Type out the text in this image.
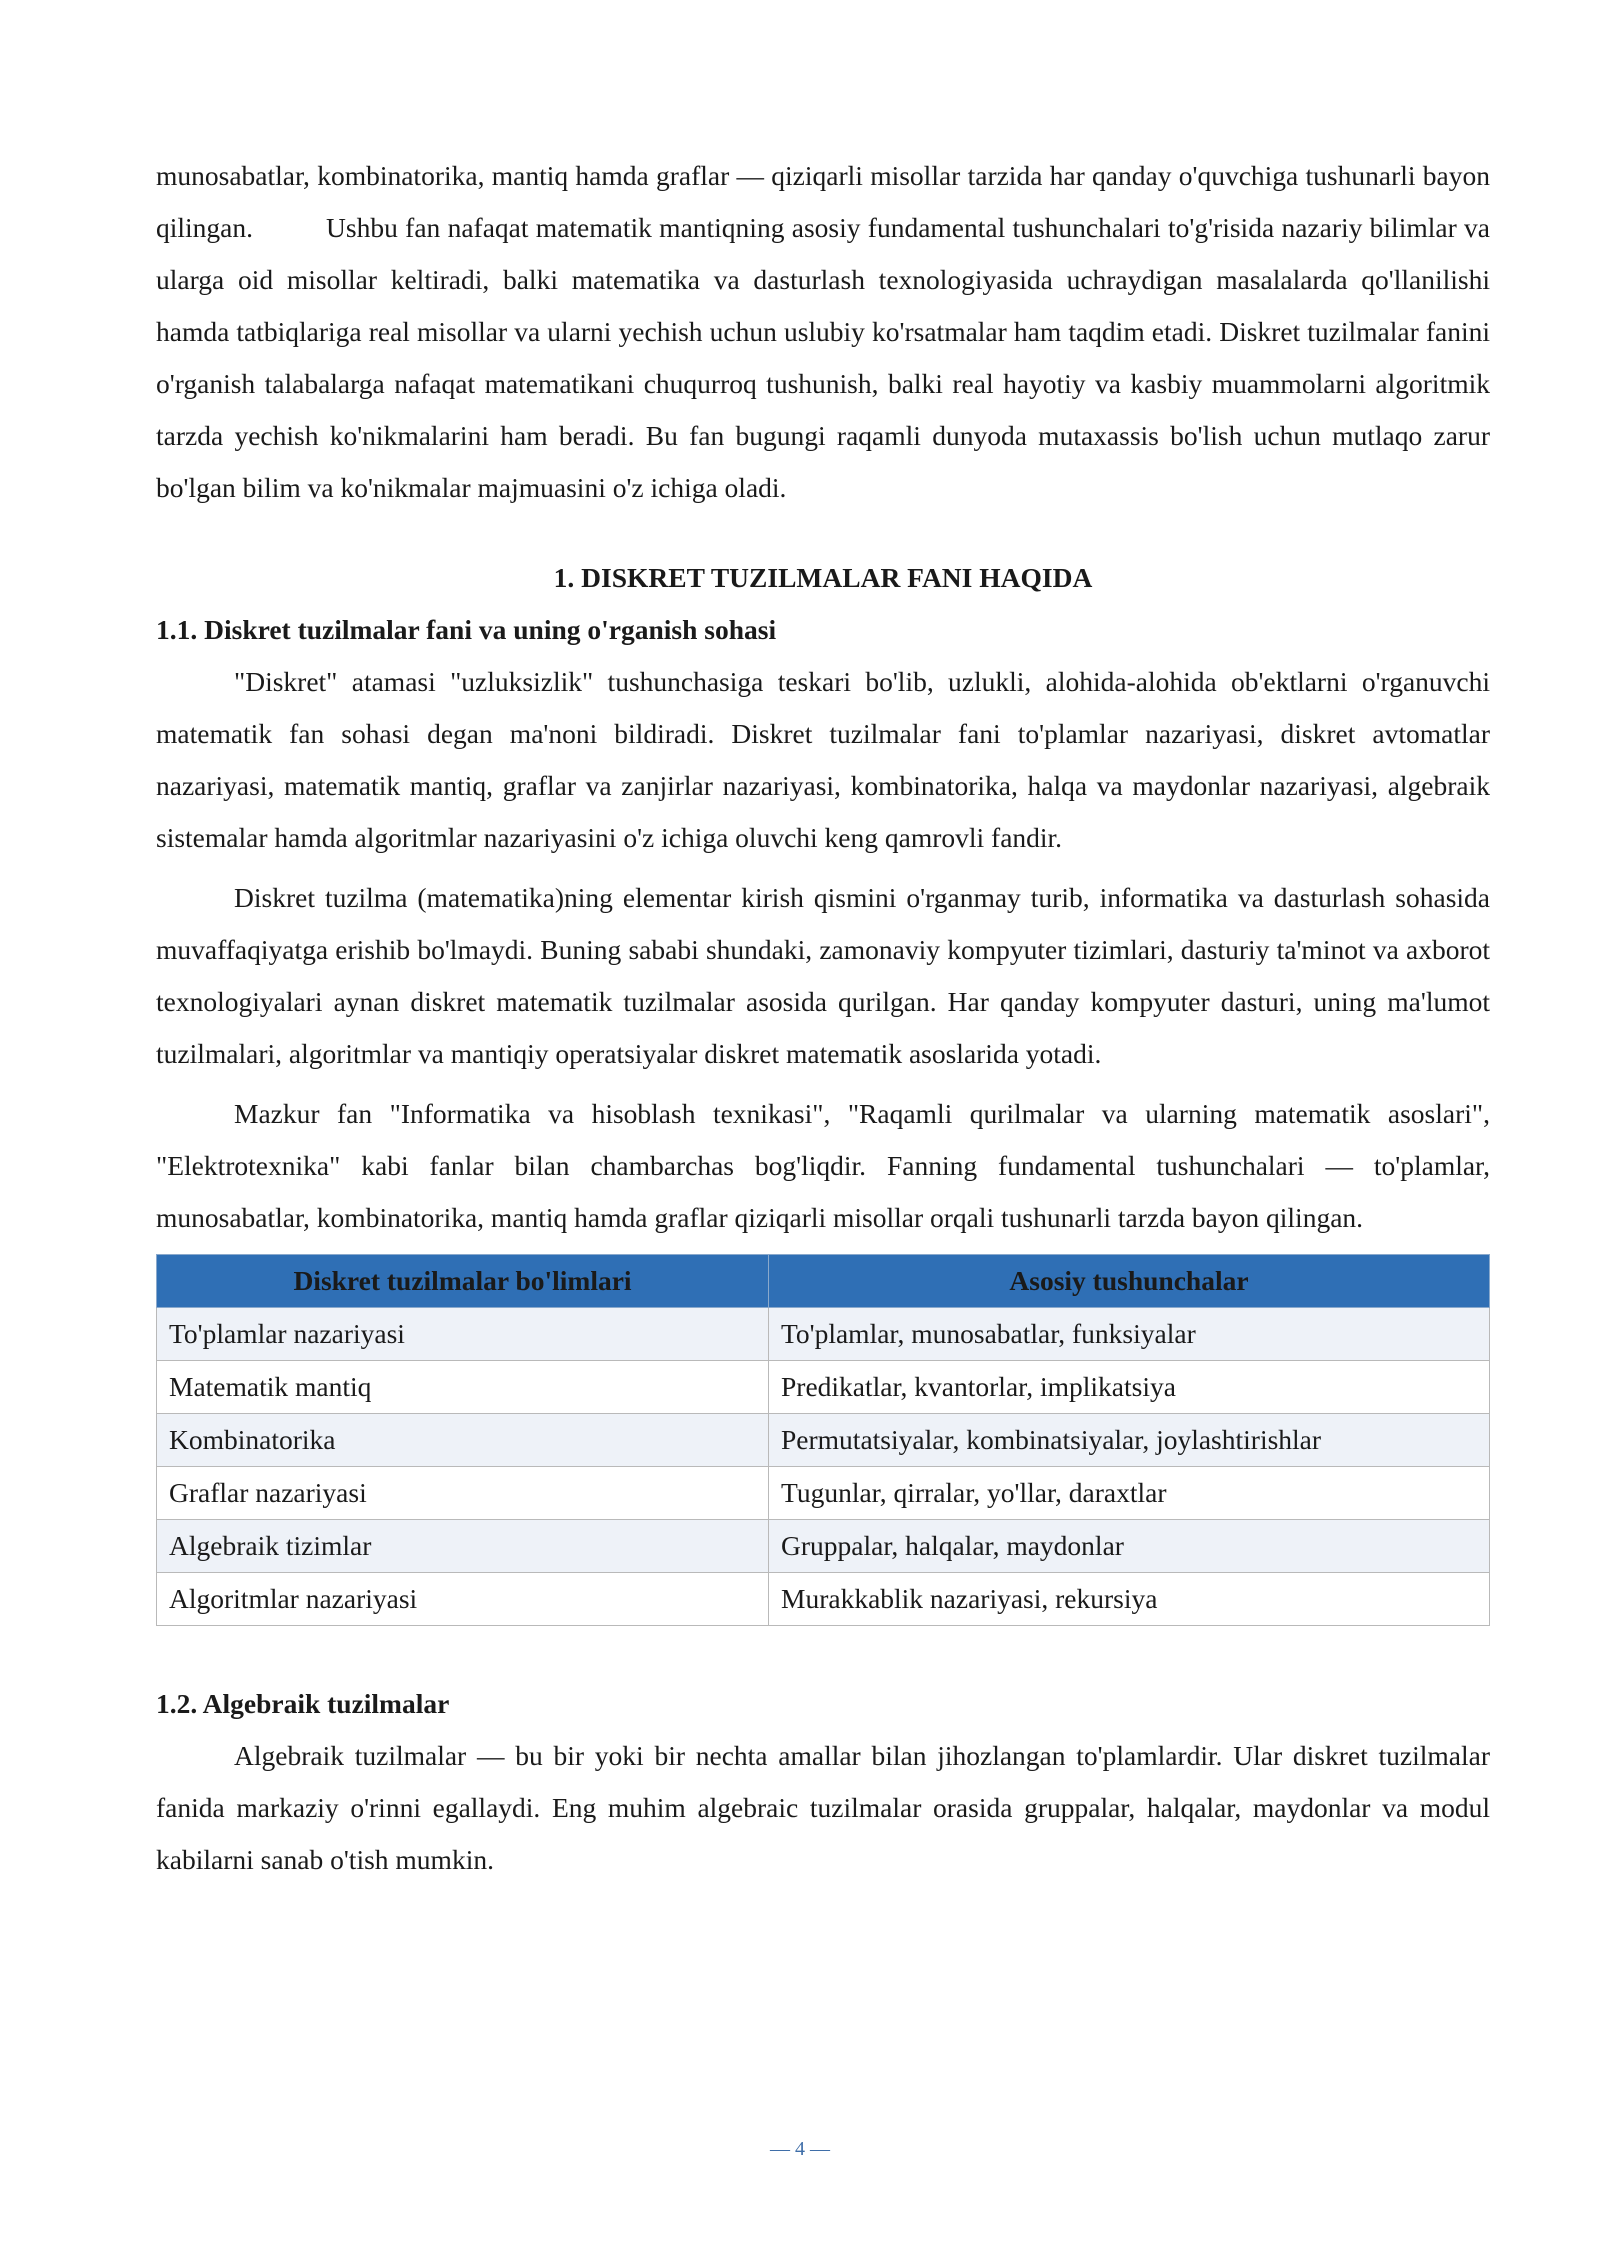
munosabatlar, kombinatorika, mantiq hamda graflar — qiziqarli misollar tarzida har qanday o'quvchiga tushunarli bayon qilingan.          Ushbu fan nafaqat matematik mantiqning asosiy fundamental tushunchalari to'g'risida nazariy bilimlar va ularga oid misollar keltiradi, balki matematika va dasturlash texnologiyasida uchraydigan masalalarda qo'llanilishi hamda tatbiqlariga real misollar va ularni yechish uchun uslubiy ko'rsatmalar ham taqdim etadi. Diskret tuzilmalar fanini o'rganish talabalarga nafaqat matematikani chuqurroq tushunish, balki real hayotiy va kasbiy muammolarni algoritmik tarzda yechish ko'nikmalarini ham beradi. Bu fan bugungi raqamli dunyoda mutaxassis bo'lish uchun mutlaqo zarur bo'lgan bilim va ko'nikmalar majmuasini o'z ichiga oladi.

1. DISKRET TUZILMALAR FANI HAQIDA
1.1. Diskret tuzilmalar fani va uning o'rganish sohasi

"Diskret" atamasi "uzluksizlik" tushunchasiga teskari bo'lib, uzlukli, alohida-alohida ob'ektlarni o'rganuvchi matematik fan sohasi degan ma'noni bildiradi. Diskret tuzilmalar fani to'plamlar nazariyasi, diskret avtomatlar nazariyasi, matematik mantiq, graflar va zanjirlar nazariyasi, kombinatorika, halqa va maydonlar nazariyasi, algebraik sistemalar hamda algoritmlar nazariyasini o'z ichiga oluvchi keng qamrovli fandir.

Diskret tuzilma (matematika)ning elementar kirish qismini o'rganmay turib, informatika va dasturlash sohasida muvaffaqiyatga erishib bo'lmaydi. Buning sababi shundaki, zamonaviy kompyuter tizimlari, dasturiy ta'minot va axborot texnologiyalari aynan diskret matematik tuzilmalar asosida qurilgan. Har qanday kompyuter dasturi, uning ma'lumot tuzilmalari, algoritmlar va mantiqiy operatsiyalar diskret matematik asoslarida yotadi.

Mazkur fan "Informatika va hisoblash texnikasi", "Raqamli qurilmalar va ularning matematik asoslari", "Elektrotexnika" kabi fanlar bilan chambarchas bog'liqdir. Fanning fundamental tushunchalari — to'plamlar, munosabatlar, kombinatorika, mantiq hamda graflar qiziqarli misollar orqali tushunarli tarzda bayon qilingan.

Diskret tuzilmalar bo'limlari	Asosiy tushunchalar
To'plamlar nazariyasi	To'plamlar, munosabatlar, funksiyalar
Matematik mantiq	Predikatlar, kvantorlar, implikatsiya
Kombinatorika	Permutatsiyalar, kombinatsiyalar, joylashtirishlar
Graflar nazariyasi	Tugunlar, qirralar, yo'llar, daraxtlar
Algebraik tizimlar	Gruppalar, halqalar, maydonlar
Algoritmlar nazariyasi	Murakkablik nazariyasi, rekursiya
1.2. Algebraik tuzilmalar

Algebraik tuzilmalar — bu bir yoki bir nechta amallar bilan jihozlangan to'plamlardir. Ular diskret tuzilmalar fanida markaziy o'rinni egallaydi. Eng muhim algebraic tuzilmalar orasida gruppalar, halqalar, maydonlar va modul kabilarni sanab o'tish mumkin.

— 4 —
